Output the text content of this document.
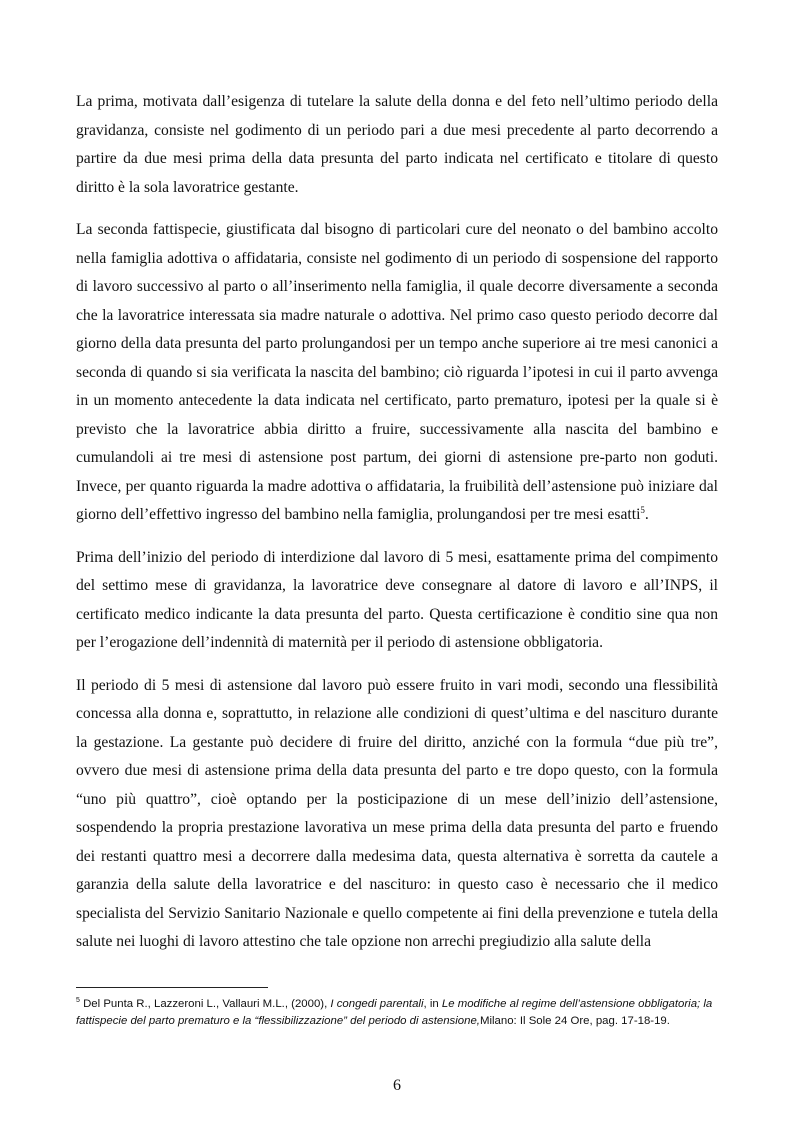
La prima, motivata dall’esigenza di tutelare la salute della donna e del feto nell’ultimo periodo della gravidanza, consiste nel godimento di un periodo pari a due mesi precedente al parto decorrendo a partire da due mesi prima della data presunta del parto indicata nel certificato e titolare di questo diritto è la sola lavoratrice gestante.

La seconda fattispecie, giustificata dal bisogno di particolari cure del neonato o del bambino accolto nella famiglia adottiva o affidataria, consiste nel godimento di un periodo di sospensione del rapporto di lavoro successivo al parto o all’inserimento nella famiglia, il quale decorre diversamente a seconda che la lavoratrice interessata sia madre naturale o adottiva. Nel primo caso questo periodo decorre dal giorno della data presunta del parto prolungandosi per un tempo anche superiore ai tre mesi canonici a seconda di quando si sia verificata la nascita del bambino; ciò riguarda l’ipotesi in cui il parto avvenga in un momento antecedente la data indicata nel certificato, parto prematuro, ipotesi per la quale si è previsto che la lavoratrice abbia diritto a fruire, successivamente alla nascita del bambino e cumulandoli ai tre mesi di astensione post partum, dei giorni di astensione pre-parto non goduti. Invece, per quanto riguarda la madre adottiva o affidataria, la fruibilità dell’astensione può iniziare dal giorno dell’effettivo ingresso del bambino nella famiglia, prolungandosi per tre mesi esatti$^5$.

Prima dell’inizio del periodo di interdizione dal lavoro di 5 mesi, esattamente prima del compimento del settimo mese di gravidanza, la lavoratrice deve consegnare al datore di lavoro e all’INPS, il certificato medico indicante la data presunta del parto. Questa certificazione è conditio sine qua non per l’erogazione dell’indennità di maternità per il periodo di astensione obbligatoria.

Il periodo di 5 mesi di astensione dal lavoro può essere fruito in vari modi, secondo una flessibilità concessa alla donna e, soprattutto, in relazione alle condizioni di quest’ultima e del nascituro durante la gestazione. La gestante può decidere di fruire del diritto, anziché con la formula “due più tre”, ovvero due mesi di astensione prima della data presunta del parto e tre dopo questo, con la formula “uno più quattro”, cioè optando per la posticipazione di un mese dell’inizio dell’astensione, sospendendo la propria prestazione lavorativa un mese prima della data presunta del parto e fruendo dei restanti quattro mesi a decorrere dalla medesima data, questa alternativa è sorretta da cautele a garanzia della salute della lavoratrice e del nascituro: in questo caso è necessario che il medico specialista del Servizio Sanitario Nazionale e quello competente ai fini della prevenzione e tutela della salute nei luoghi di lavoro attestino che tale opzione non arrechi pregiudizio alla salute della

$^5$ Del Punta R., Lazzeroni L., Vallauri M.L., (2000), I congedi parentali, in Le modifiche al regime dell’astensione obbligatoria; la fattispecie del parto prematuro e la “flessibilizzazione” del periodo di astensione,Milano: Il Sole 24 Ore, pag. 17-18-19.
6
